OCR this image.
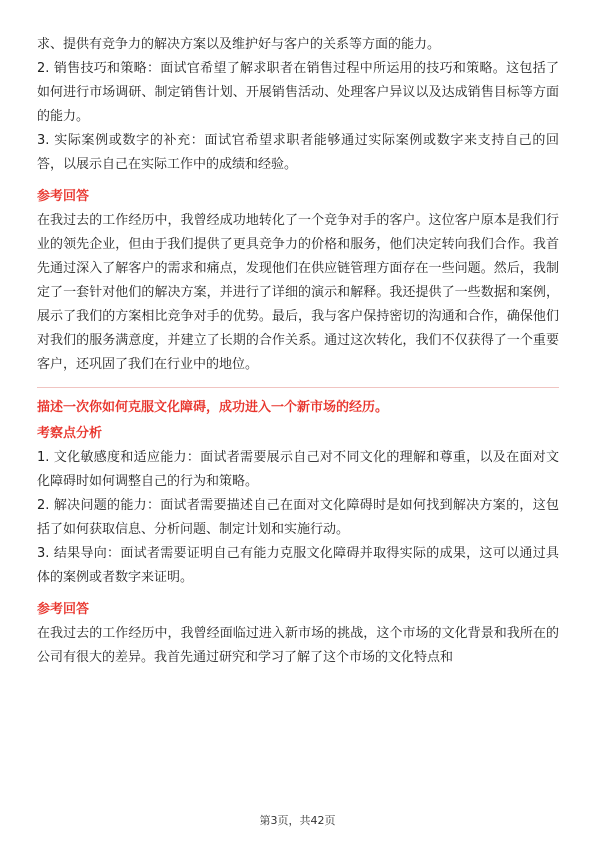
求、提供有竞争力的解决方案以及维护好与客户的关系等方面的能力。

2. 销售技巧和策略：面试官希望了解求职者在销售过程中所运用的技巧和策略。这包括了如何进行市场调研、制定销售计划、开展销售活动、处理客户异议以及达成销售目标等方面的能力。

3. 实际案例或数字的补充：面试官希望求职者能够通过实际案例或数字来支持自己的回答，以展示自己在实际工作中的成绩和经验。

参考回答

在我过去的工作经历中，我曾经成功地转化了一个竞争对手的客户。这位客户原本是我们行业的领先企业，但由于我们提供了更具竞争力的价格和服务，他们决定转向我们合作。我首先通过深入了解客户的需求和痛点，发现他们在供应链管理方面存在一些问题。然后，我制定了一套针对他们的解决方案，并进行了详细的演示和解释。我还提供了一些数据和案例，展示了我们的方案相比竞争对手的优势。最后，我与客户保持密切的沟通和合作，确保他们对我们的服务满意度，并建立了长期的合作关系。通过这次转化，我们不仅获得了一个重要客户，还巩固了我们在行业中的地位。

描述一次你如何克服文化障碍，成功进入一个新市场的经历。
考察点分析

1. 文化敏感度和适应能力：面试者需要展示自己对不同文化的理解和尊重，以及在面对文化障碍时如何调整自己的行为和策略。

2. 解决问题的能力：面试者需要描述自己在面对文化障碍时是如何找到解决方案的，这包括了如何获取信息、分析问题、制定计划和实施行动。

3. 结果导向：面试者需要证明自己有能力克服文化障碍并取得实际的成果，这可以通过具体的案例或者数字来证明。

参考回答

在我过去的工作经历中，我曾经面临过进入新市场的挑战，这个市场的文化背景和我所在的公司有很大的差异。我首先通过研究和学习了解了这个市场的文化特点和

第3页，共42页
